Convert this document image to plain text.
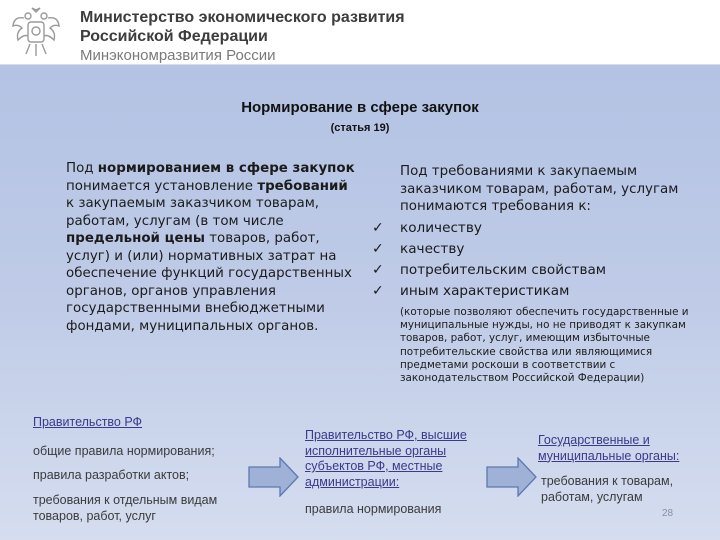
Министерство экономического развития
Российской Федерации
Минэкономразвития России
Нормирование в сфере закупок
(статья 19)
Под нормированием в сфере закупок понимается установление требований к закупаемым заказчиком товарам, работам, услугам (в том числе предельной цены товаров, работ, услуг) и (или) нормативных затрат на обеспечение функций государственных органов, органов управления государственными внебюджетными фондами, муниципальных органов.
Под требованиями к закупаемым заказчиком товарам, работам, услугам понимаются требования к:
✓ количеству
✓ качеству
✓ потребительским свойствам
✓ иным характеристикам
(которые позволяют обеспечить государственные и муниципальные нужды, но не приводят к закупкам товаров, работ, услуг, имеющим избыточные потребительские свойства или являющимися предметами роскоши в соответствии с законодательством Российской Федерации)
Правительство РФ
общие правила нормирования;
правила разработки актов;
требования к отдельным видам
товаров, работ, услуг
Правительство РФ, высшие исполнительные органы субъектов РФ, местные администрации:
правила нормирования
Государственные и муниципальные органы:
требования к товарам, работам, услугам
28
